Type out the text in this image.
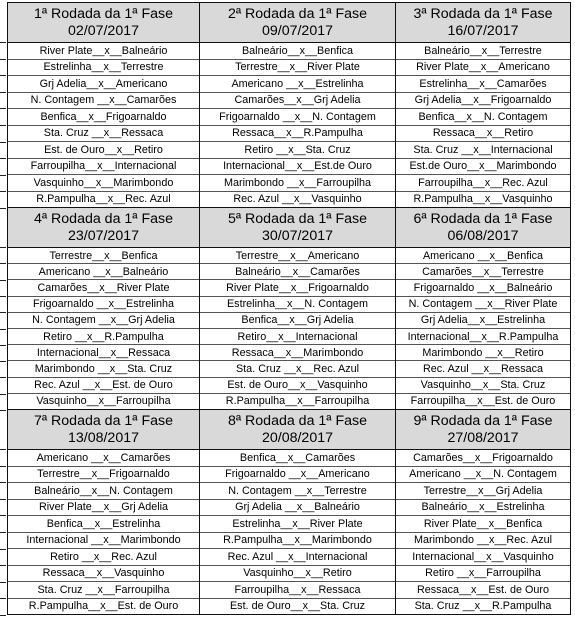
1ª Rodada da 1ª Fase
02/07/2017
River Plate__x__Balneário
Estrelinha__x__Terrestre
Grj Adelia__x__Americano
N. Contagem __x__Camarões
Benfica__x__Frigoarnaldo
Sta. Cruz __x__Ressaca
Est. de Ouro__x__Retiro
Farroupilha__x__Internacional
Vasquinho__x__Marimbondo
R.Pampulha__x__Rec. Azul
2ª Rodada da 1ª Fase
09/07/2017
Balneário__x__Benfica
Terrestre__x__River Plate
Americano __x__Estrelinha
Camarões__x__Grj Adelia
Frigoarnaldo __x__N. Contagem
Ressaca__x__R.Pampulha
Retiro __x__Sta. Cruz
Internacional__x__Est.de Ouro
Marimbondo __x__Farroupilha
Rec. Azul __x__Vasquinho
3ª Rodada da 1ª Fase
16/07/2017
Balneário__x__Terrestre
River Plate__x__Americano
Estrelinha__x__Camarões
Grj Adelia__x__Frigoarnaldo
Benfica__x__N. Contagem
Ressaca__x__Retiro
Sta. Cruz __x__Internacional
Est.de Ouro__x__Marimbondo
Farroupilha__x__Rec. Azul
R.Pampulha__x__Vasquinho
4ª Rodada da 1ª Fase
23/07/2017
Terrestre__x__Benfica
Americano __x__Balneário
Camarões__x__River Plate
Frigoarnaldo __x__Estrelinha
N. Contagem __x__Grj Adelia
Retiro __x__R.Pampulha
Internacional__x__Ressaca
Marimbondo __x__Sta. Cruz
Rec. Azul __x__Est. de Ouro
Vasquinho__x__Farroupilha
5ª Rodada da 1ª Fase
30/07/2017
Terrestre__x__Americano
Balneário__x__Camarões
River Plate__x__Frigoarnaldo
Estrelinha__x__N. Contagem
Benfica__x__Grj Adelia
Retiro__x__Internacional
Ressaca__x__Marimbondo
Sta. Cruz __x__Rec. Azul
Est. de Ouro__x__Vasquinho
R.Pampulha__x__Farroupilha
6ª Rodada da 1ª Fase
06/08/2017
Americano __x__Benfica
Camarões__x__Terrestre
Frigoarnaldo __x__Balneário
N. Contagem __x__River Plate
Grj Adelia__x__Estrelinha
Internacional__x__R.Pampulha
Marimbondo __x__Retiro
Rec. Azul __x__Ressaca
Vasquinho__x__Sta. Cruz
Farroupilha__x__Est. de Ouro
7ª Rodada da 1ª Fase
13/08/2017
Americano __x__Camarões
Terrestre__x__Frigoarnaldo
Balneário__x__N. Contagem
River Plate__x__Grj Adelia
Benfica__x__Estrelinha
Internacional __x__Marimbondo
Retiro __x__Rec. Azul
Ressaca__x__Vasquinho
Sta. Cruz __x__Farroupilha
R.Pampulha__x__Est. de Ouro
8ª Rodada da 1ª Fase
20/08/2017
Benfica__x__Camarões
Frigoarnaldo __x__Americano
N. Contagem __x__Terrestre
Grj Adelia __x__Balneário
Estrelinha__x__River Plate
R.Pampulha__x__Marimbondo
Rec. Azul __x__Internacional
Vasquinho__x__Retiro
Farroupilha__x__Ressaca
Est. de Ouro__x__Sta. Cruz
9ª Rodada da 1ª Fase
27/08/2017
Camarões__x__Frigoarnaldo
Americano __x__N. Contagem
Terrestre__x__Grj Adelia
Balneário__x__Estrelinha
River Plate__x__Benfica
Marimbondo __x__Rec. Azul
Internacional__x__Vasquinho
Retiro __x__Farroupilha
Ressaca__x__Est. de Ouro
Sta. Cruz __x__R.Pampulha
